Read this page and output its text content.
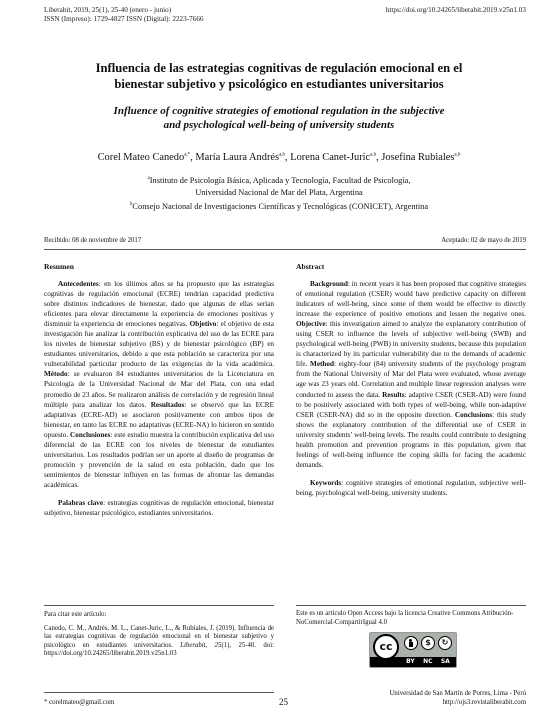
Liberabit, 2019, 25(1), 25-40 (enero - junio)
ISSN (Impreso): 1729-4827 ISSN (Digital): 2223-7666
https://doi.org/10.24265/liberabit.2019.v25n1.03
Influencia de las estrategias cognitivas de regulación emocional en el
bienestar subjetivo y psicológico en estudiantes universitarios
Influence of cognitive strategies of emotional regulation in the subjective
and psychological well-being of university students
Corel Mateo Canedo$^{a,*}$, María Laura Andrés$^{a,b}$, Lorena Canet-Juric$^{a,b}$, Josefina Rubiales$^{a,b}$
$^a$Instituto de Psicología Básica, Aplicada y Tecnología, Facultad de Psicología,
Universidad Nacional de Mar del Plata, Argentina
$^b$Consejo Nacional de Investigaciones Científicas y Tecnológicas (CONICET), Argentina
Recibido: 08 de noviembre de 2017	Aceptado: 02 de mayo de 2019
Resumen

Antecedentes: en los últimos años se ha propuesto que las estrategias cognitivas de regulación emocional (ECRE) tendrían capacidad predictiva sobre distintos indicadores de bienestar, dado que algunas de ellas serían eficientes para elevar directamente la experiencia de emociones positivas y disminuir la experiencia de emociones negativas. Objetivo: el objetivo de esta investigación fue analizar la contribución explicativa del uso de las ECRE para los niveles de bienestar subjetivo (BS) y de bienestar psicológico (BP) en estudiantes universitarios, debido a que esta población se caracteriza por una vulnerabilidad particular producto de las exigencias de la vida académica. Método: se evaluaron 84 estudiantes universitarios de la Licenciatura en Psicología de la Universidad Nacional de Mar del Plata, con una edad promedio de 23 años. Se realizaron análisis de correlación y de regresión lineal múltiple para analizar los datos. Resultados: se observó que las ECRE adaptativas (ECRE-AD) se asociaron positivamente con ambos tipos de bienestar, en tanto las ECRE no adaptativas (ECRE-NA) lo hicieron en sentido opuesto. Conclusiones: este estudio muestra la contribución explicativa del uso diferencial de las ECRE con los niveles de bienestar de estudiantes universitarios. Los resultados podrían ser un aporte al diseño de programas de promoción y prevención de la salud en esta población, dado que los sentimientos de bienestar influyen en las formas de afrontar las demandas académicas.

Palabras clave: estrategias cognitivas de regulación emocional, bienestar subjetivo, bienestar psicológico, estudiantes universitarios.

Abstract

Background: in recent years it has been proposed that cognitive strategies of emotional regulation (CSER) would have predictive capacity on different indicators of well-being, since some of them would be effective to directly increase the experience of positive emotions and lessen the negative ones. Objective: this investigation aimed to analyze the explanatory contribution of using CSER to influence the levels of subjective well-being (SWB) and psychological well-being (PWB) in university students, because this population is characterized by its particular vulnerability due to the demands of academic life. Method: eighty-four (84) university students of the psychology program from the National University of Mar del Plata were evaluated, whose average age was 23 years old. Correlation and multiple linear regression analyses were conducted to assess the data. Results: adaptive CSER (CSER-AD) were found to be positively associated with both types of well-being, while non-adaptive CSER (CSER-NA) did so in the opposite direction. Conclusions: this study shows the explanatory contribution of the differential use of CSER in university students’ well-being levels. The results could contribute to designing health promotion and prevention programs in this population, given that feelings of well-being influence the coping skills for facing the academic demands.

Keywords: cognitive strategies of emotional regulation, subjective well-being, psychological well-being, university students.

Para citar este artículo:
Canedo, C. M., Andrés, M. L., Canet-Juric, L., & Rubiales, J. (2019). Influencia de las estrategias cognitivas de regulación emocional en el bienestar subjetivo y psicológico en estudiantes universitarios. Liberabit, 25(1), 25-40. doi: https://doi.org/10.24265/liberabit.2019.v25n1.03
Este es un artículo Open Access bajo la licencia Creative Commons Atribución-NoComercial-CompartirIgual 4.0
cc	$	↻
BY NC SA
* corelmateo@gmail.com	25
Universidad de San Martín de Porres, Lima - Perú
http://ojs3.revistaliberabit.com
